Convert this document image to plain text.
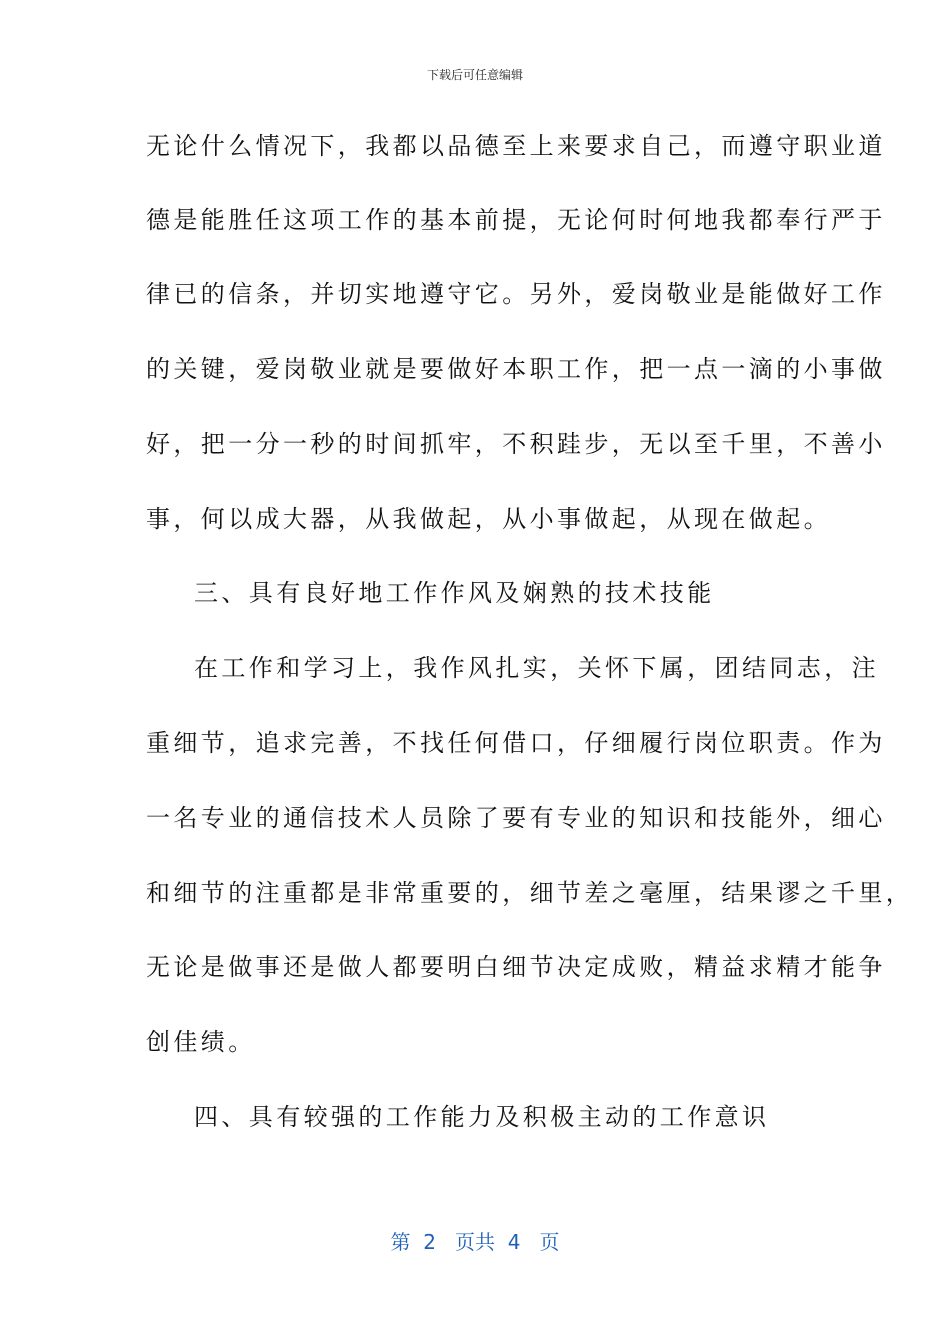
下载后可任意编辑
无论什么情况下，我都以品德至上来要求自己，而遵守职业道
德是能胜任这项工作的基本前提，无论何时何地我都奉行严于
律已的信条，并切实地遵守它。另外，爱岗敬业是能做好工作
的关键，爱岗敬业就是要做好本职工作，把一点一滴的小事做
好，把一分一秒的时间抓牢，不积跬步，无以至千里，不善小
事，何以成大器，从我做起，从小事做起，从现在做起。
三、具有良好地工作作风及娴熟的技术技能
在工作和学习上，我作风扎实，关怀下属，团结同志，注
重细节，追求完善，不找任何借口，仔细履行岗位职责。作为
一名专业的通信技术人员除了要有专业的知识和技能外，细心
和细节的注重都是非常重要的，细节差之毫厘，结果谬之千里，
无论是做事还是做人都要明白细节决定成败，精益求精才能争
创佳绩。
四、具有较强的工作能力及积极主动的工作意识
第 2 页共 4 页
